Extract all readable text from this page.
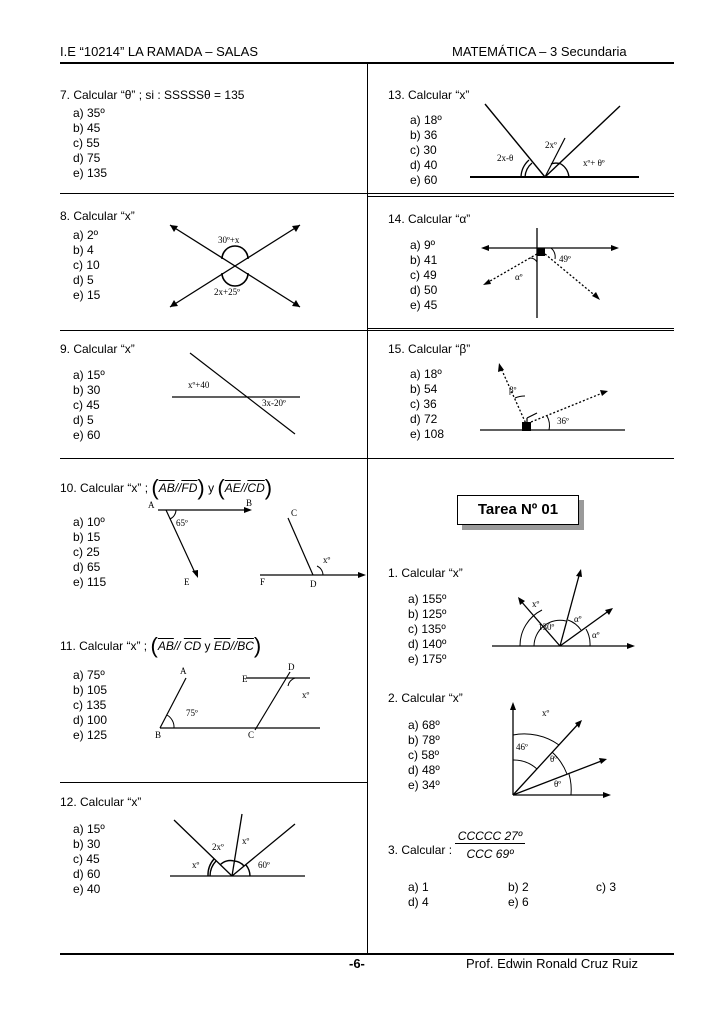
I.E “10214” LA RAMADA – SALAS	MATEMÁTICA – 3 Secundaria
7. Calcular “θ” ; si : SSSSSθ = 135
a) 35º
b) 45
c) 55
d) 75
e) 135
8. Calcular “x”
a) 2º
b) 4
c) 10
d) 5
e) 15
30º+x
2x+25º
9. Calcular “x”
a) 15º
b) 30
c) 45
d) 5
e) 60
xº+40
3x-20º
10. Calcular “x” ; $(\overline{AB}//\overline{FD})$ y $(\overline{AE}//\overline{CD})$
a) 10º
b) 15
c) 25
d) 65
e) 115
A	B
C
E	F	D
65º
xº
11. Calcular “x” ; ($\overline{AB}//$ $\overline{CD}$ y $\overline{ED}//\overline{BC}$)
a) 75º
b) 105
c) 135
d) 100
e) 125
A
B	C
E
D
75º
xº
12. Calcular “x”
a) 15º
b) 30
c) 45
d) 60
e) 40
2xº
xº
xº	60º
13. Calcular “x”
a) 18º
b) 36
c) 30
d) 40
e) 60
2xº
2x-θ	xº+ θº
14. Calcular “α”
a) 9º
b) 41
c) 49
d) 50
e) 45
49º
αº
15. Calcular “β”
a) 18º
b) 54
c) 36
d) 72
e) 108
βº
36º
Tarea Nº 01
1. Calcular “x”
a) 155º
b) 125º
c) 135º
d) 140º
e) 175º
xº
130º
αº
αº
2. Calcular “x”
a) 68º
b) 78º
c) 58º
d) 48º
e) 34º
xº
46º
θº
θº
3. Calcular :
CCCCC 27º
CCC 69º
a) 1	b) 2	c) 3
d) 4	e) 6
-6-	Prof. Edwin Ronald Cruz Ruiz
